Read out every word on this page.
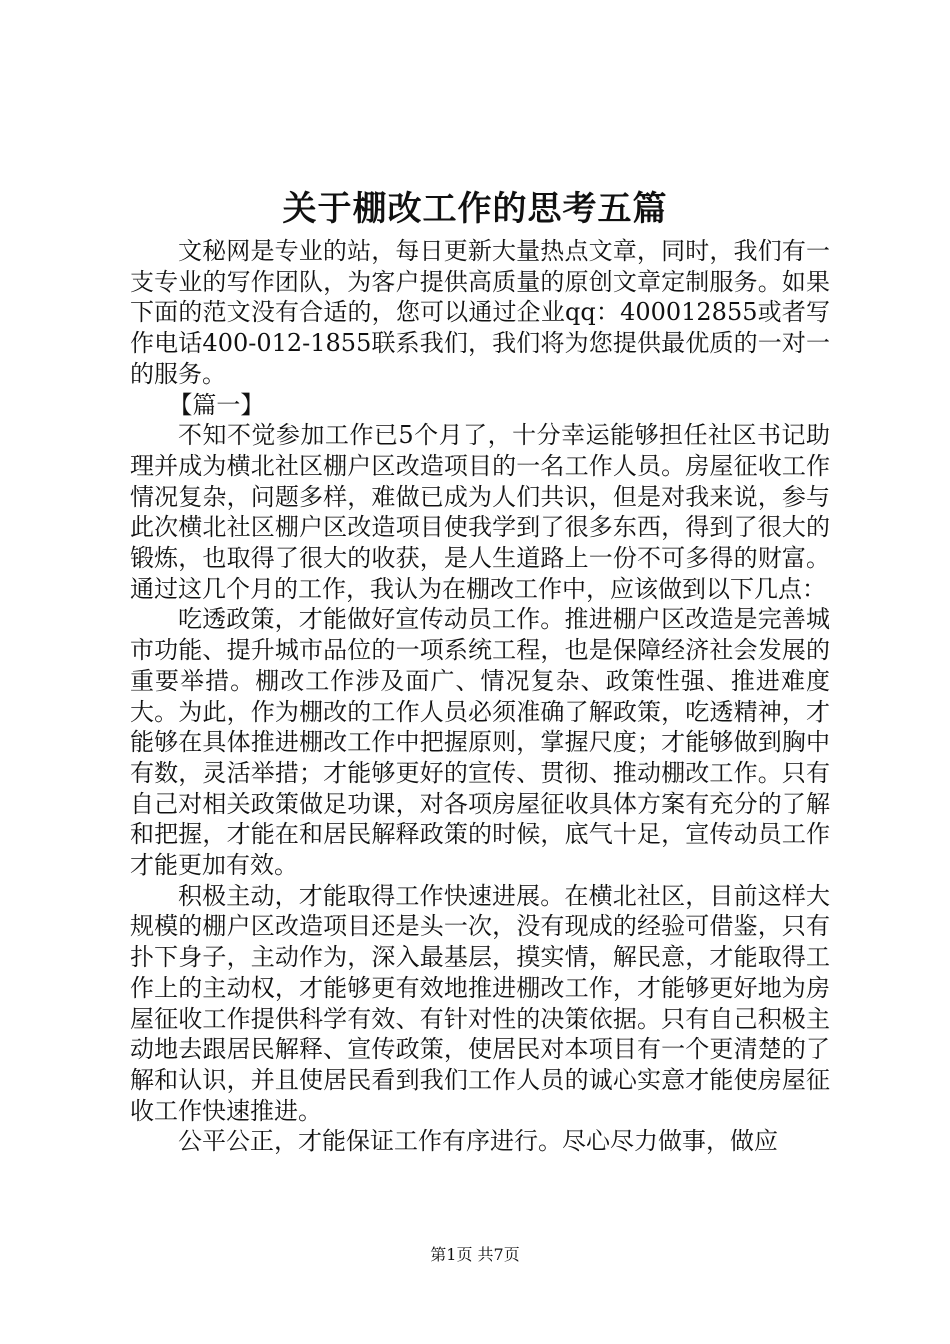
关于棚改工作的思考五篇

文秘网是专业的站，每日更新大量热点文章，同时，我们有一支专业的写作团队，为客户提供高质量的原创文章定制服务。如果下面的范文没有合适的，您可以通过企业qq：400012855或者写作电话400-012-1855联系我们，我们将为您提供最优质的一对一的服务。

【篇一】

不知不觉参加工作已5个月了，十分幸运能够担任社区书记助理并成为横北社区棚户区改造项目的一名工作人员。房屋征收工作情况复杂，问题多样，难做已成为人们共识，但是对我来说，参与此次横北社区棚户区改造项目使我学到了很多东西，得到了很大的锻炼，也取得了很大的收获，是人生道路上一份不可多得的财富。通过这几个月的工作，我认为在棚改工作中，应该做到以下几点：

吃透政策，才能做好宣传动员工作。推进棚户区改造是完善城市功能、提升城市品位的一项系统工程，也是保障经济社会发展的重要举措。棚改工作涉及面广、情况复杂、政策性强、推进难度大。为此，作为棚改的工作人员必须准确了解政策，吃透精神，才能够在具体推进棚改工作中把握原则，掌握尺度；才能够做到胸中有数，灵活举措；才能够更好的宣传、贯彻、推动棚改工作。只有自己对相关政策做足功课，对各项房屋征收具体方案有充分的了解和把握，才能在和居民解释政策的时候，底气十足，宣传动员工作才能更加有效。

积极主动，才能取得工作快速进展。在横北社区，目前这样大规模的棚户区改造项目还是头一次，没有现成的经验可借鉴，只有扑下身子，主动作为，深入最基层，摸实情，解民意，才能取得工作上的主动权，才能够更有效地推进棚改工作，才能够更好地为房屋征收工作提供科学有效、有针对性的决策依据。只有自己积极主动地去跟居民解释、宣传政策，使居民对本项目有一个更清楚的了解和认识，并且使居民看到我们工作人员的诚心实意才能使房屋征收工作快速推进。

公平公正，才能保证工作有序进行。尽心尽力做事，做应

第1页 共7页
